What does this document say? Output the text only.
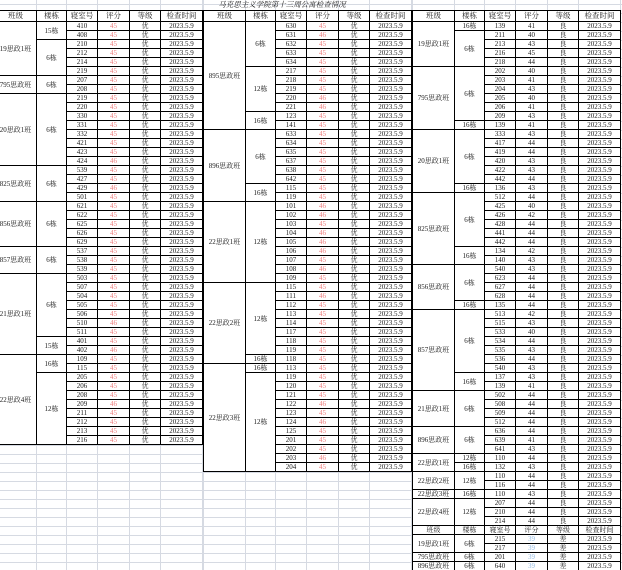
马克思主义学院第十三周公寓检查情况
班级	楼栋	寝室号	评分	等级	检查时间
19思政1班	15栋	410	45	优	2023.5.9
		408	45	优	2023.5.9
	6栋	210	45	优	2023.5.9
		212	45	优	2023.5.9
		214	45	优	2023.5.9
		219	45	优	2023.5.9
795思政班	6栋	207	45	优	2023.5.9
		208	45	优	2023.5.9
20思政1班	6栋	219	45	优	2023.5.9
		220	45	优	2023.5.9
		330	45	优	2023.5.9
		331	45	优	2023.5.9
		332	45	优	2023.5.9
		421	45	优	2023.5.9
		423	45	优	2023.5.9
		424	46	优	2023.5.9
825思政班	6栋	539	45	优	2023.5.9
		427	45	优	2023.5.9
		429	46	优	2023.5.9
		501	45	优	2023.5.9
856思政班	6栋	621	45	优	2023.5.9
		622	45	优	2023.5.9
		625	45	优	2023.5.9
		626	45	优	2023.5.9
		629	45	优	2023.5.9
857思政班	6栋	537	45	优	2023.5.9
		538	45	优	2023.5.9
		539	45	优	2023.5.9
21思政1班	6栋	503	45	优	2023.5.9
		507	45	优	2023.5.9
		504	45	优	2023.5.9
		505	45	优	2023.5.9
		506	45	优	2023.5.9
		510	46	优	2023.5.9
		511	45	优	2023.5.9
	15栋	401	45	优	2023.5.9
		402	46	优	2023.5.9
22思政4班	16栋	109	45	优	2023.5.9
		115	45	优	2023.5.9
	12栋	205	45	优	2023.5.9
		206	45	优	2023.5.9
		208	45	优	2023.5.9
		209	46	优	2023.5.9
		211	45	优	2023.5.9
		212	45	优	2023.5.9
		213	45	优	2023.5.9
		216	45	优	2023.5.9
班级	楼栋	寝室号	评分	等级	检查时间
895思政班	6栋	630	45	优	2023.5.9
		631	46	优	2023.5.9
		632	45	优	2023.5.9
		633	45	优	2023.5.9
		634	45	优	2023.5.9
	12栋	217	45	优	2023.5.9
		218	45	优	2023.5.9
		219	45	优	2023.5.9
		220	46	优	2023.5.9
		221	46	优	2023.5.9
	16栋	123	45	优	2023.5.9
		141	45	优	2023.5.9
896思政班	6栋	633	45	优	2023.5.9
		634	45	优	2023.5.9
		635	45	优	2023.5.9
		637	45	优	2023.5.9
		638	45	优	2023.5.9
		642	45	优	2023.5.9
	16栋	115	45	优	2023.5.9
		119	45	优	2023.5.9
22思政1班	12栋	101	46	优	2023.5.9
		102	46	优	2023.5.9
		103	45	优	2023.5.9
		104	46	优	2023.5.9
		105	46	优	2023.5.9
		106	46	优	2023.5.9
		107	45	优	2023.5.9
		108	46	优	2023.5.9
		109	45	优	2023.5.9
22思政2班	12栋	115	45	优	2023.5.9
		111	46	优	2023.5.9
		112	45	优	2023.5.9
		113	45	优	2023.5.9
		114	45	优	2023.5.9
		117	45	优	2023.5.9
		118	45	优	2023.5.9
		119	45	优	2023.5.9
	16栋	118	45	优	2023.5.9
22思政3班	16栋	113	45	优	2023.5.9
	12栋	119	45	优	2023.5.9
		120	45	优	2023.5.9
		121	45	优	2023.5.9
		122	46	优	2023.5.9
		123	45	优	2023.5.9
		124	46	优	2023.5.9
		125	45	优	2023.5.9
		201	45	优	2023.5.9
		202	45	优	2023.5.9
		203	46	优	2023.5.9
		204	45	优	2023.5.9
班级	楼栋	寝室号	评分	等级	检查时间
19思政1班	16栋	139	41	良	2023.5.9
	6栋	211	40	良	2023.5.9
		213	43	良	2023.5.9
		216	45	良	2023.5.9
		218	44	良	2023.5.9
795思政班	6栋	202	40	良	2023.5.9
		203	41	良	2023.5.9
		204	43	良	2023.5.9
		205	40	良	2023.5.9
		206	41	良	2023.5.9
		209	43	良	2023.5.9
	16栋	139	41	良	2023.5.9
20思政1班	6栋	333	43	良	2023.5.9
		417	44	良	2023.5.9
		419	44	良	2023.5.9
		420	43	良	2023.5.9
		422	43	良	2023.5.9
		442	44	良	2023.5.9
	16栋	136	43	良	2023.5.9
825思政班	6栋	512	44	良	2023.5.9
		425	40	良	2023.5.9
		426	42	良	2023.5.9
		428	44	良	2023.5.9
		441	44	良	2023.5.9
		442	44	良	2023.5.9
	16栋	134	42	良	2023.5.9
		140	43	良	2023.5.9
856思政班	6栋	540	43	良	2023.5.9
		623	44	良	2023.5.9
		627	44	良	2023.5.9
		628	44	良	2023.5.9
	16栋	135	44	良	2023.5.9
857思政班	6栋	513	42	良	2023.5.9
		515	43	良	2023.5.9
		533	40	良	2023.5.9
		534	44	良	2023.5.9
		535	43	良	2023.5.9
		536	44	良	2023.5.9
		540	43	良	2023.5.9
	16栋	137	43	良	2023.5.9
		139	41	良	2023.5.9
21思政1班	6栋	502	44	良	2023.5.9
		508	44	良	2023.5.9
		509	44	良	2023.5.9
		512	44	良	2023.5.9
896思政班	6栋	636	44	良	2023.5.9
		639	41	良	2023.5.9
		641	43	良	2023.5.9
22思政1班	12栋	110	44	良	2023.5.9
	16栋	132	43	良	2023.5.9
22思政2班	12栋	110	44	良	2023.5.9
		116	44	良	2023.5.9
22思政3班	16栋	110	43	良	2023.5.9
22思政4班	12栋	207	44	良	2023.5.9
		210	44	良	2023.5.9
		214	44	良	2023.5.9
班级	楼栋	寝室号	评分	等级	检查时间
19思政1班	6栋	215	39	差	2023.5.9
		217	39	差	2023.5.9
795思政班	6栋	201	39	差	2023.5.9
896思政班	6栋	640	39	差	2023.5.9
